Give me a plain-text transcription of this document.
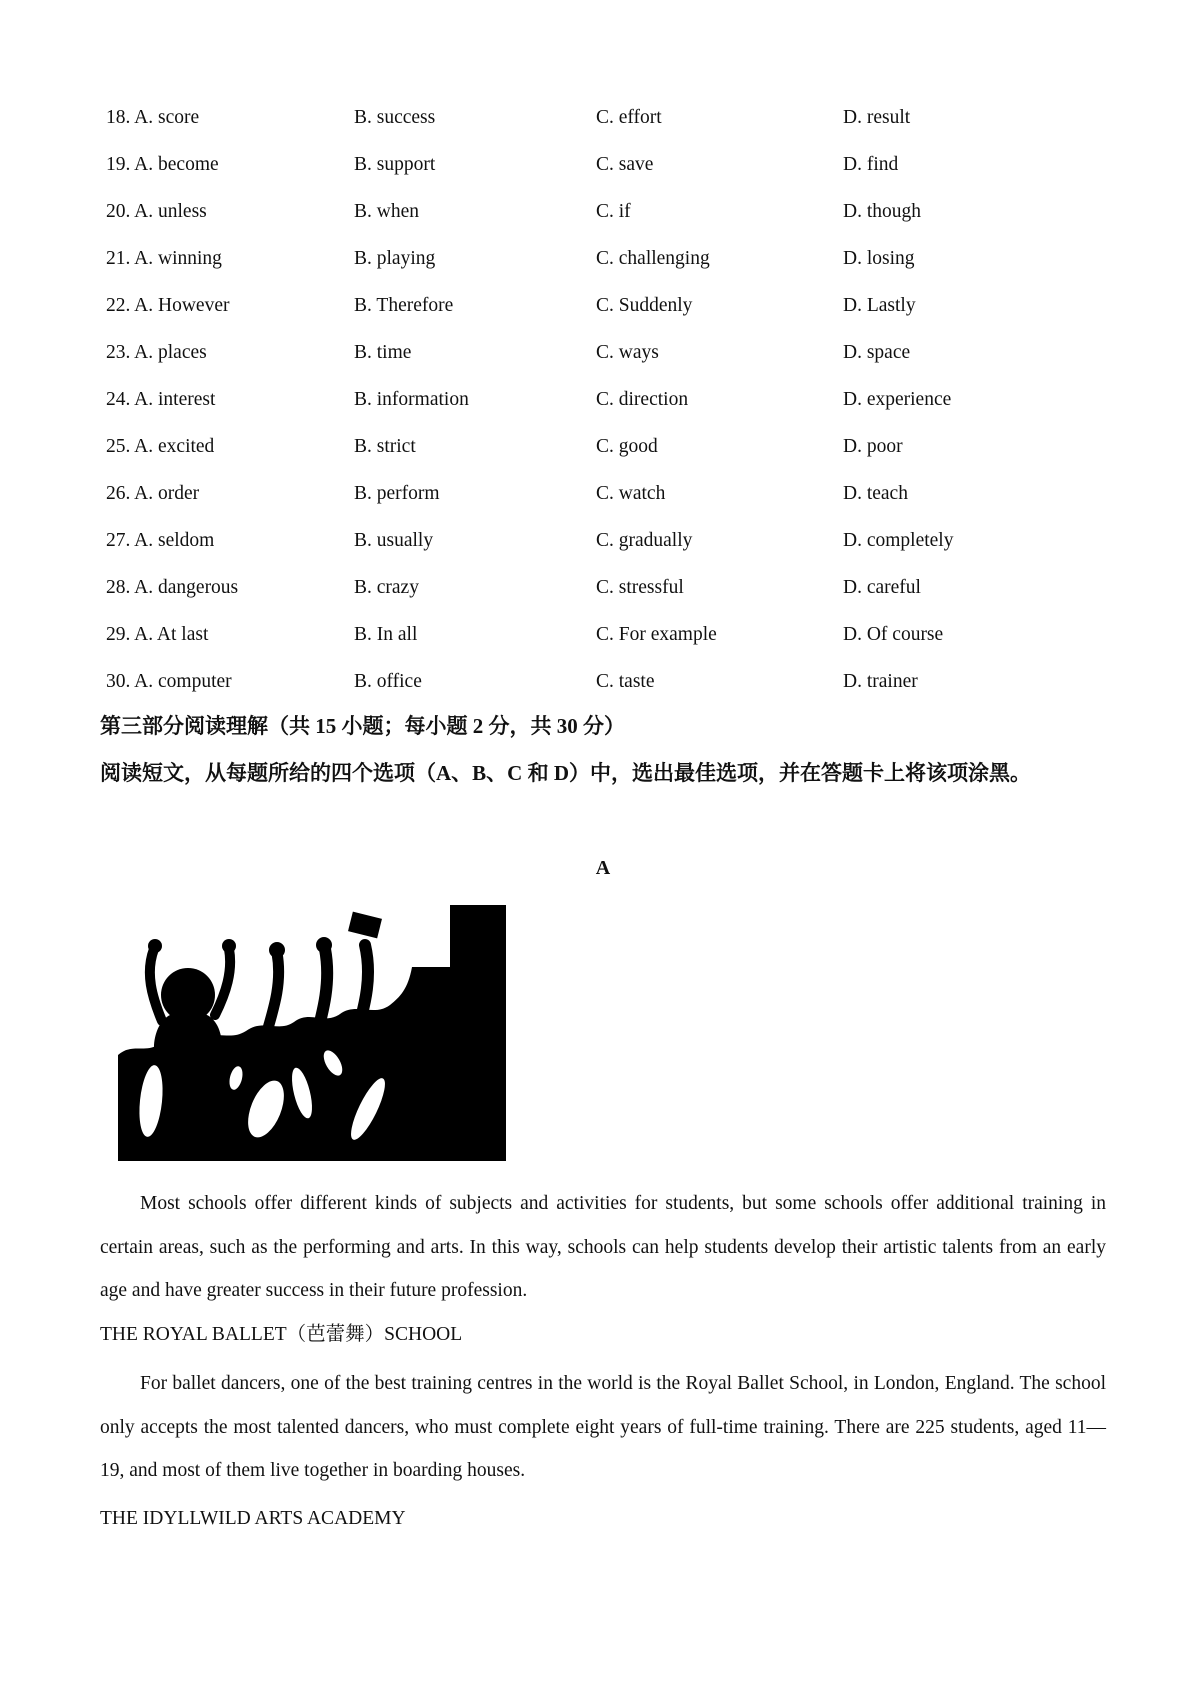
18. A. score	B. success	C. effort	D. result
19. A. become	B. support	C. save	D. find
20. A. unless	B. when	C. if	D. though
21. A. winning	B. playing	C. challenging	D. losing
22. A. However	B. Therefore	C. Suddenly	D. Lastly
23. A. places	B. time	C. ways	D. space
24. A. interest	B. information	C. direction	D. experience
25. A. excited	B. strict	C. good	D. poor
26. A. order	B. perform	C. watch	D. teach
27. A. seldom	B. usually	C. gradually	D. completely
28. A. dangerous	B. crazy	C. stressful	D. careful
29. A. At last	B. In all	C. For example	D. Of course
30. A. computer	B. office	C. taste	D. trainer
第三部分阅读理解（共 15 小题；每小题 2 分，共 30 分）
阅读短文，从每题所给的四个选项（A、B、C 和 D）中，选出最佳选项，并在答题卡上将该项涂黑。
A
Most schools offer different kinds of subjects and activities for students, but some schools offer additional training in certain areas, such as the performing and arts. In this way, schools can help students develop their artistic talents from an early age and have greater success in their future profession.
THE ROYAL BALLET（芭蕾舞）SCHOOL
For ballet dancers, one of the best training centres in the world is the Royal Ballet School, in London, England. The school only accepts the most talented dancers, who must complete eight years of full-time training. There are 225 students, aged 11—19, and most of them live together in boarding houses.
THE IDYLLWILD ARTS ACADEMY
